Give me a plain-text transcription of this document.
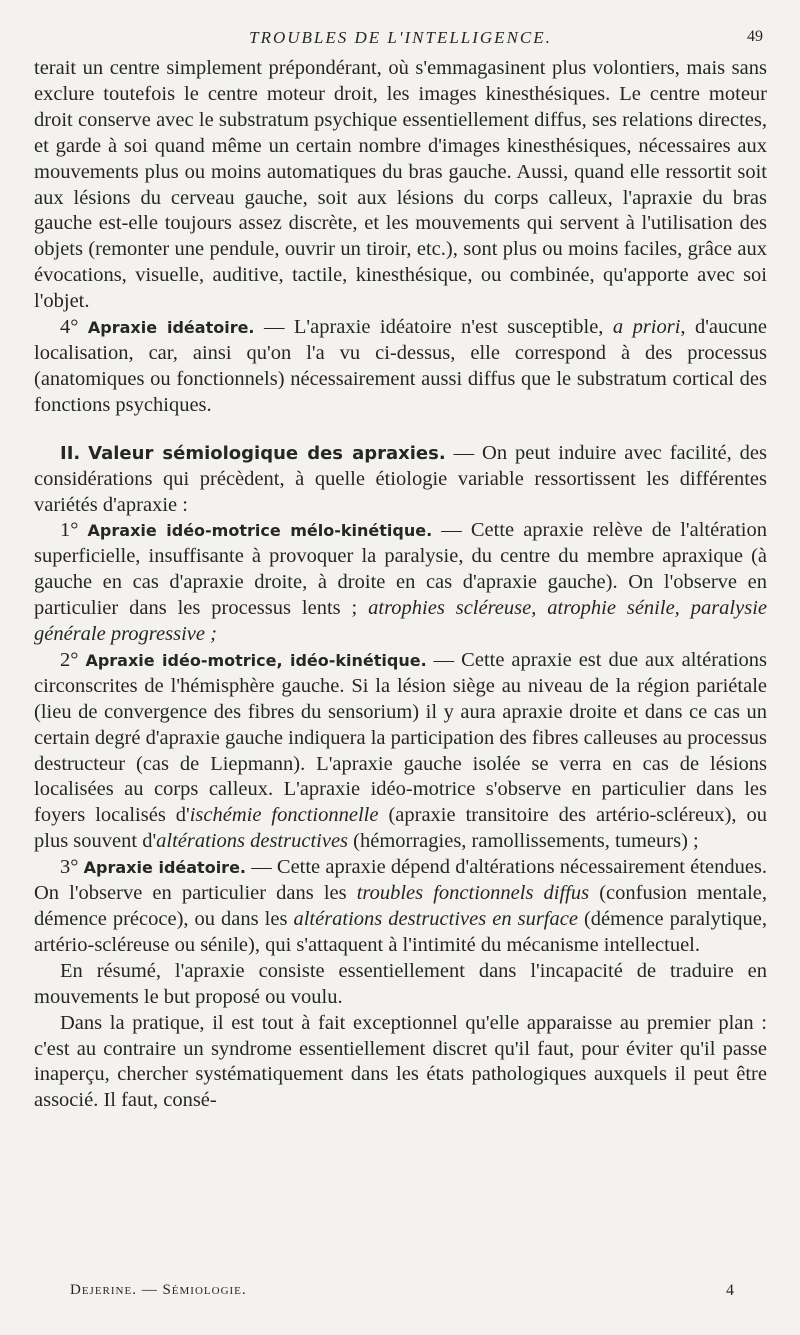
TROUBLES DE L'INTELLIGENCE.	49

terait un centre simplement prépondérant, où s'emmagasinent plus volontiers, mais sans exclure toutefois le centre moteur droit, les images kinesthésiques. Le centre moteur droit conserve avec le substratum psychique essentiellement diffus, ses relations directes, et garde à soi quand même un certain nombre d'images kinesthésiques, nécessaires aux mouvements plus ou moins automatiques du bras gauche. Aussi, quand elle ressortit soit aux lésions du cerveau gauche, soit aux lésions du corps calleux, l'apraxie du bras gauche est-elle toujours assez discrète, et les mouvements qui servent à l'utilisation des objets (remonter une pendule, ouvrir un tiroir, etc.), sont plus ou moins faciles, grâce aux évocations, visuelle, auditive, tactile, kinesthésique, ou combinée, qu'apporte avec soi l'objet.

4° Apraxie idéatoire. — L'apraxie idéatoire n'est susceptible, a priori, d'aucune localisation, car, ainsi qu'on l'a vu ci-dessus, elle correspond à des processus (anatomiques ou fonctionnels) nécessairement aussi diffus que le substratum cortical des fonctions psychiques.

II. Valeur sémiologique des apraxies. — On peut induire avec facilité, des considérations qui précèdent, à quelle étiologie variable ressortissent les différentes variétés d'apraxie :

1° Apraxie idéo-motrice mélo-kinétique. — Cette apraxie relève de l'altération superficielle, insuffisante à provoquer la paralysie, du centre du membre apraxique (à gauche en cas d'apraxie droite, à droite en cas d'apraxie gauche). On l'observe en particulier dans les processus lents ; atrophies scléreuse, atrophie sénile, paralysie générale progressive ;

2° Apraxie idéo-motrice, idéo-kinétique. — Cette apraxie est due aux altérations circonscrites de l'hémisphère gauche. Si la lésion siège au niveau de la région pariétale (lieu de convergence des fibres du sensorium) il y aura apraxie droite et dans ce cas un certain degré d'apraxie gauche indiquera la participation des fibres calleuses au processus destructeur (cas de Liepmann). L'apraxie gauche isolée se verra en cas de lésions localisées au corps calleux. L'apraxie idéo-motrice s'observe en particulier dans les foyers localisés d'ischémie fonctionnelle (apraxie transitoire des artério-scléreux), ou plus souvent d'altérations destructives (hémorragies, ramollissements, tumeurs) ;

3° Apraxie idéatoire. — Cette apraxie dépend d'altérations nécessairement étendues. On l'observe en particulier dans les troubles fonctionnels diffus (confusion mentale, démence précoce), ou dans les altérations destructives en surface (démence paralytique, artério-scléreuse ou sénile), qui s'attaquent à l'intimité du mécanisme intellectuel.

En résumé, l'apraxie consiste essentiellement dans l'incapacité de traduire en mouvements le but proposé ou voulu.

Dans la pratique, il est tout à fait exceptionnel qu'elle apparaisse au premier plan : c'est au contraire un syndrome essentiellement discret qu'il faut, pour éviter qu'il passe inaperçu, chercher systématiquement dans les états pathologiques auxquels il peut être associé. Il faut, consé-

Dejerine. — Sémiologie.	4
